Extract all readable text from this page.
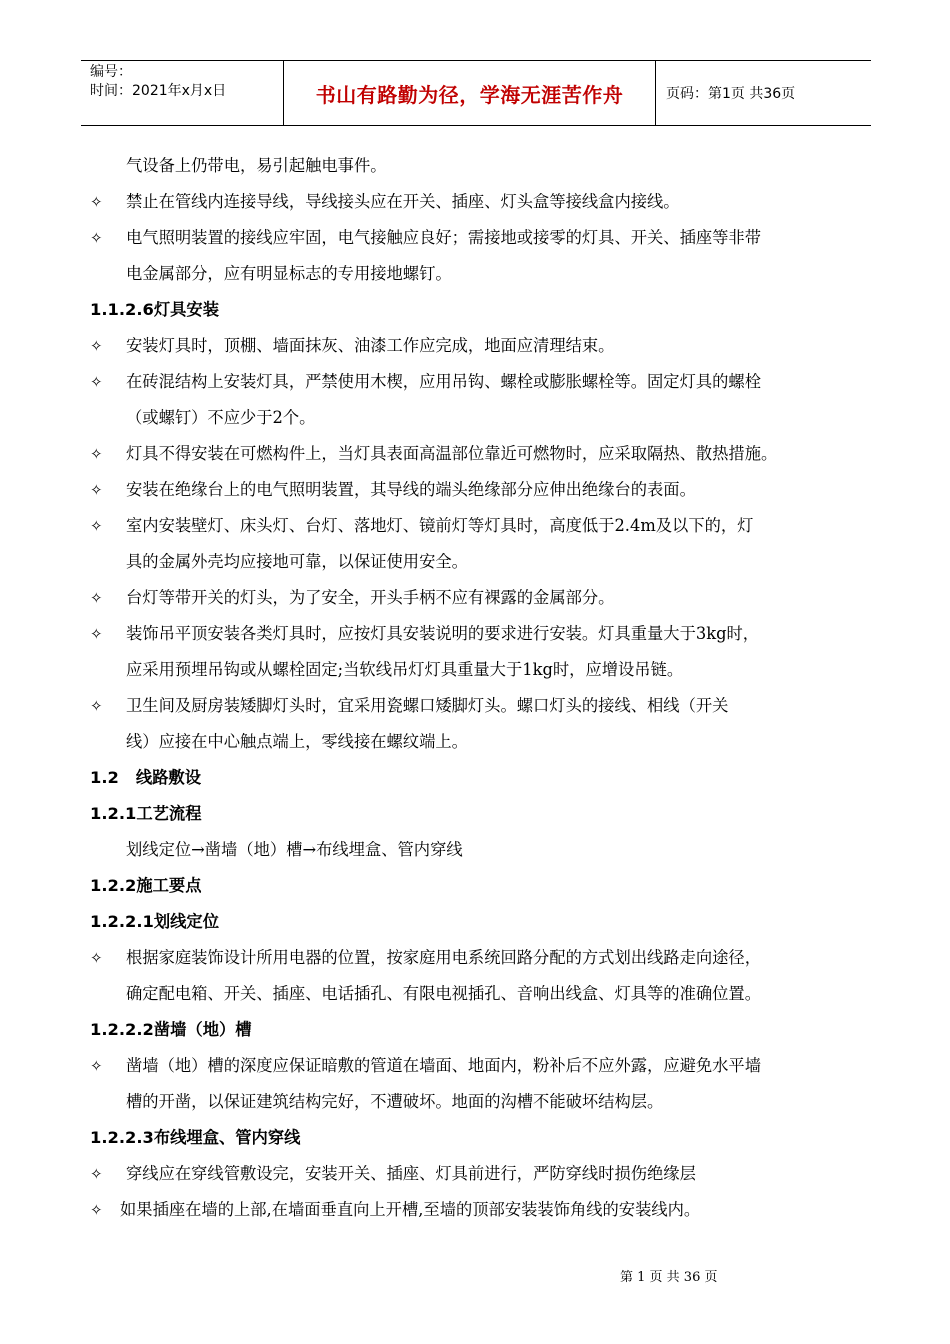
编号：
时间：2021年x月x日	书山有路勤为径，学海无涯苦作舟	页码：第1页 共36页
气设备上仍带电，易引起触电事件。
✧	禁止在管线内连接导线，导线接头应在开关、插座、灯头盒等接线盒内接线。
✧	电气照明装置的接线应牢固，电气接触应良好；需接地或接零的灯具、开关、插座等非带
电金属部分，应有明显标志的专用接地螺钉。
1.1.2.6灯具安装
✧	安装灯具时，顶棚、墙面抹灰、油漆工作应完成，地面应清理结束。
✧	在砖混结构上安装灯具，严禁使用木楔，应用吊钩、螺栓或膨胀螺栓等。固定灯具的螺栓
（或螺钉）不应少于2个。
✧	灯具不得安装在可燃构件上，当灯具表面高温部位靠近可燃物时，应采取隔热、散热措施。
✧	安装在绝缘台上的电气照明装置，其导线的端头绝缘部分应伸出绝缘台的表面。
✧	室内安装壁灯、床头灯、台灯、落地灯、镜前灯等灯具时，高度低于2.4m及以下的，灯
具的金属外壳均应接地可靠，以保证使用安全。
✧	台灯等带开关的灯头，为了安全，开头手柄不应有裸露的金属部分。
✧	装饰吊平顶安装各类灯具时，应按灯具安装说明的要求进行安装。灯具重量大于3kg时，
应采用预埋吊钩或从螺栓固定;当软线吊灯灯具重量大于1kg时，应增设吊链。
✧	卫生间及厨房装矮脚灯头时，宜采用瓷螺口矮脚灯头。螺口灯头的接线、相线（开关
线）应接在中心触点端上，零线接在螺纹端上。
1.2   线路敷设
1.2.1工艺流程
划线定位→凿墙（地）槽→布线埋盒、管内穿线
1.2.2施工要点
1.2.2.1划线定位
✧	根据家庭装饰设计所用电器的位置，按家庭用电系统回路分配的方式划出线路走向途径，
确定配电箱、开关、插座、电话插孔、有限电视插孔、音响出线盒、灯具等的准确位置。
1.2.2.2凿墙（地）槽
✧	凿墙（地）槽的深度应保证暗敷的管道在墙面、地面内，粉补后不应外露，应避免水平墙
槽的开凿，以保证建筑结构完好，不遭破坏。地面的沟槽不能破坏结构层。
1.2.2.3布线埋盒、管内穿线
✧	穿线应在穿线管敷设完，安装开关、插座、灯具前进行，严防穿线时损伤绝缘层
✧	如果插座在墙的上部,在墙面垂直向上开槽,至墙的顶部安装装饰角线的安装线内。
第 1 页 共 36 页
